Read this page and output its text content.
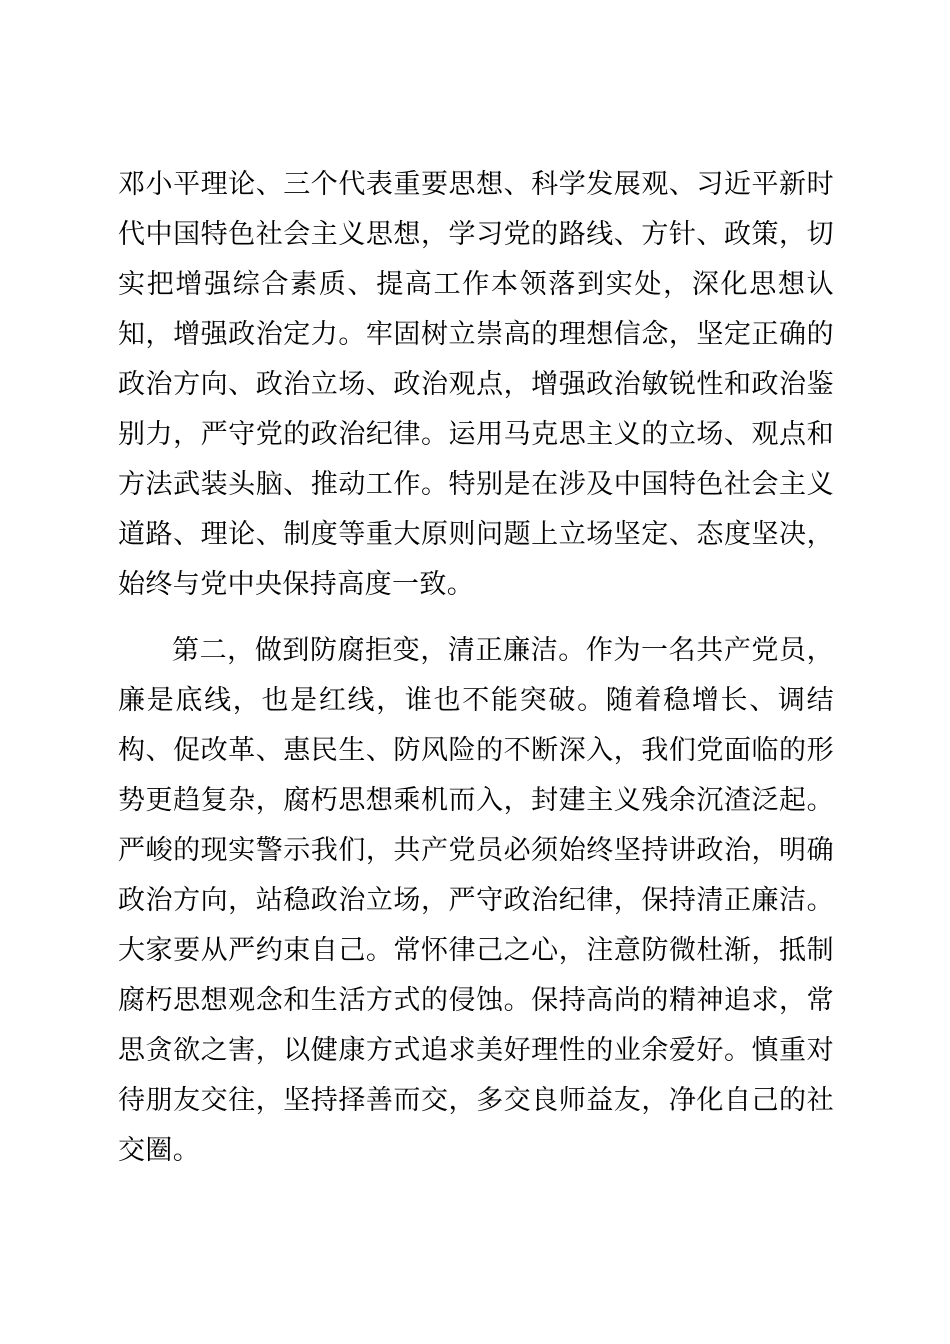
邓小平理论、三个代表重要思想、科学发展观、习近平新时代中国特色社会主义思想，学习党的路线、方针、政策，切实把增强综合素质、提高工作本领落到实处，深化思想认知，增强政治定力。牢固树立崇高的理想信念，坚定正确的政治方向、政治立场、政治观点，增强政治敏锐性和政治鉴别力，严守党的政治纪律。运用马克思主义的立场、观点和方法武装头脑、推动工作。特别是在涉及中国特色社会主义道路、理论、制度等重大原则问题上立场坚定、态度坚决，始终与党中央保持高度一致。

第二，做到防腐拒变，清正廉洁。作为一名共产党员，廉是底线，也是红线，谁也不能突破。随着稳增长、调结构、促改革、惠民生、防风险的不断深入，我们党面临的形势更趋复杂，腐朽思想乘机而入，封建主义残余沉渣泛起。严峻的现实警示我们，共产党员必须始终坚持讲政治，明确政治方向，站稳政治立场，严守政治纪律，保持清正廉洁。大家要从严约束自己。常怀律己之心，注意防微杜渐，抵制腐朽思想观念和生活方式的侵蚀。保持高尚的精神追求，常思贪欲之害，以健康方式追求美好理性的业余爱好。慎重对待朋友交往，坚持择善而交，多交良师益友，净化自己的社交圈。
